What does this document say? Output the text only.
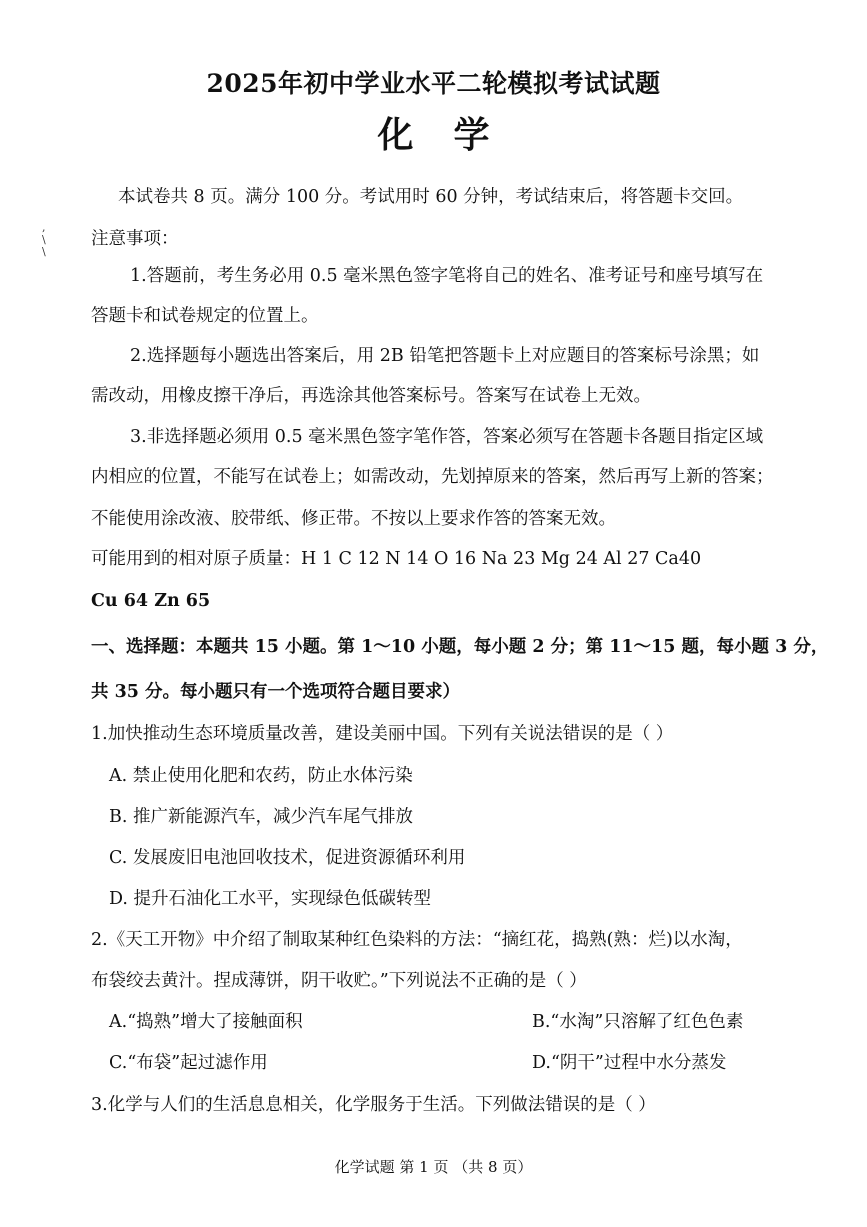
2025年初中学业水平二轮模拟考试试题
化学
本试卷共 8 页。满分 100 分。考试用时 60 分钟，考试结束后，将答题卡交回。
,
\
\
注意事项：
1.答题前，考生务必用 0.5 毫米黑色签字笔将自己的姓名、准考证号和座号填写在
答题卡和试卷规定的位置上。
2.选择题每小题选出答案后，用 2B 铅笔把答题卡上对应题目的答案标号涂黑；如
需改动，用橡皮擦干净后，再选涂其他答案标号。答案写在试卷上无效。
3.非选择题必须用 0.5 毫米黑色签字笔作答，答案必须写在答题卡各题目指定区域
内相应的位置，不能写在试卷上；如需改动，先划掉原来的答案，然后再写上新的答案；
不能使用涂改液、胶带纸、修正带。不按以上要求作答的答案无效。
可能用到的相对原子质量：H 1 C 12 N 14 O 16 Na 23 Mg 24 Al 27 Ca40
Cu 64 Zn 65
一、选择题：本题共 15 小题。第 1～10 小题，每小题 2 分；第 11～15 题，每小题 3 分，
共 35 分。每小题只有一个选项符合题目要求）
1.加快推动生态环境质量改善，建设美丽中国。下列有关说法错误的是（ ）
A. 禁止使用化肥和农药，防止水体污染
B. 推广新能源汽车，减少汽车尾气排放
C. 发展废旧电池回收技术，促进资源循环利用
D. 提升石油化工水平，实现绿色低碳转型
2.《天工开物》中介绍了制取某种红色染料的方法：“摘红花，捣熟(熟：烂)以水淘，
布袋绞去黄汁。捏成薄饼，阴干收贮。”下列说法不正确的是（ ）
A.“捣熟”增大了接触面积	B.“水淘”只溶解了红色色素
C.“布袋”起过滤作用	D.“阴干”过程中水分蒸发
3.化学与人们的生活息息相关，化学服务于生活。下列做法错误的是（ ）
化学试题 第 1 页 （共 8 页）
